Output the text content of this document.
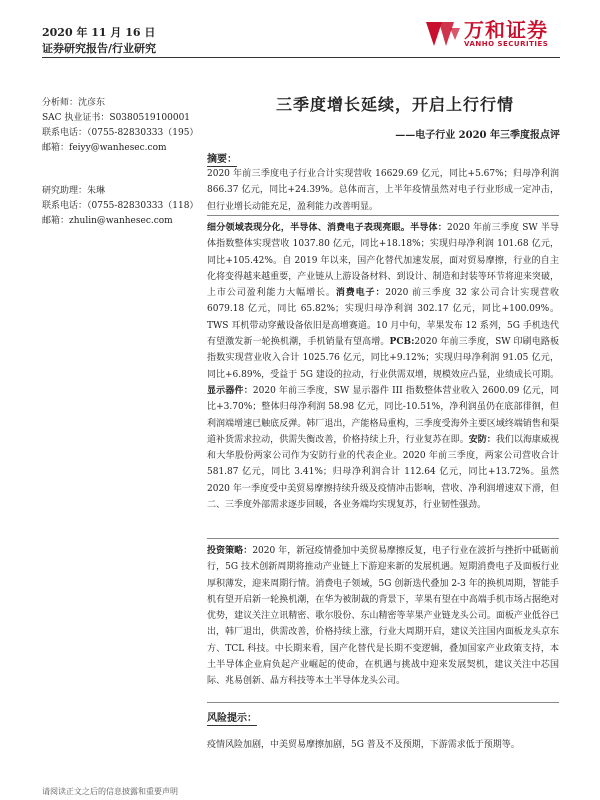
2020 年 11 月 16 日
证券研究报告/行业研究
万和证券
VANHO SECURITIES
分析师：沈彦东
SAC 执业证书：S0380519100001
联系电话：（0755-82830333（195）
邮箱：feiyy@wanhesec.com
研究助理：朱琳
联系电话：（0755-82830333（118）
邮箱：zhulin@wanhesec.com
三季度增长延续，开启上行行情
——电子行业 2020 年三季度报点评
摘要：
2020 年前三季度电子行业合计实现营收 16629.69 亿元，同比+5.67%；归母净利润 866.37 亿元，同比+24.39%。总体而言，上半年疫情虽然对电子行业形成一定冲击，但行业增长动能充足，盈利能力改善明显。
细分领域表现分化，半导体、消费电子表现亮眼。半导体：2020 年前三季度 SW 半导体指数整体实现营收 1037.80 亿元，同比+18.18%；实现归母净利润 101.68 亿元，同比+105.42%。自 2019 年以来，国产化替代加速发展，面对贸易摩擦，行业的自主化将变得越来越重要，产业链从上游设备材料、到设计、制造和封装等环节将迎来突破，上市公司盈利能力大幅增长。消费电子：2020 前三季度 32 家公司合计实现营收 6079.18 亿元，同比 65.82%；实现归母净利润 302.17 亿元，同比+100.09%。TWS 耳机带动穿戴设备依旧是高增赛道。10 月中旬，苹果发布 12 系列，5G 手机迭代有望激发新一轮换机潮，手机销量有望高增。PCB:2020 年前三季度，SW 印刷电路板指数实现营业收入合计 1025.76 亿元，同比+9.12%；实现归母净利润 91.05 亿元，同比+6.89%，受益于 5G 建设的拉动，行业供需双增，规模效应凸显，业绩成长可期。显示器件：2020 年前三季度，SW 显示器件 III 指数整体营业收入 2600.09 亿元，同比+3.70%；整体归母净利润 58.98 亿元，同比-10.51%，净利润虽仍在底部徘徊，但利润端增速已触底反弹。韩厂退出，产能格局重构，三季度受海外主要区域终端销售和渠道补货需求拉动，供需失衡改善，价格持续上升，行业复苏在即。安防：我们以海康威视和大华股份两家公司作为安防行业的代表企业。2020 年前三季度，两家公司营收合计 581.87 亿元，同比 3.41%；归母净利润合计 112.64 亿元，同比+13.72%。虽然 2020 年一季度受中美贸易摩擦持续升级及疫情冲击影响，营收、净利润增速双下滑，但二、三季度外部需求逐步回暖，各业务端均实现复苏，行业韧性强劲。
投资策略：2020 年，新冠疫情叠加中美贸易摩擦反复，电子行业在波折与挫折中砥砺前行，5G 技术创新周期将推动产业链上下游迎来新的发展机遇。短期消费电子及面板行业厚积薄发，迎来周期行情。消费电子领域，5G 创新迭代叠加 2-3 年的换机周期，智能手机有望开启新一轮换机潮，在华为被制裁的背景下，苹果有望在中高端手机市场占据绝对优势，建议关注立讯精密、歌尔股份、东山精密等苹果产业链龙头公司。面板产业低谷已出，韩厂退出，供需改善，价格持续上涨，行业大周期开启，建议关注国内面板龙头京东方、TCL 科技。中长期来看，国产化替代是长期不变逻辑，叠加国家产业政策支持，本土半导体企业肩负起产业崛起的使命，在机遇与挑战中迎来发展契机，建议关注中芯国际、兆易创新、晶方科技等本土半导体龙头公司。
风险提示：
疫情风险加剧，中美贸易摩擦加剧，5G 普及不及预期，下游需求低于预期等。
请阅读正文之后的信息披露和重要声明
